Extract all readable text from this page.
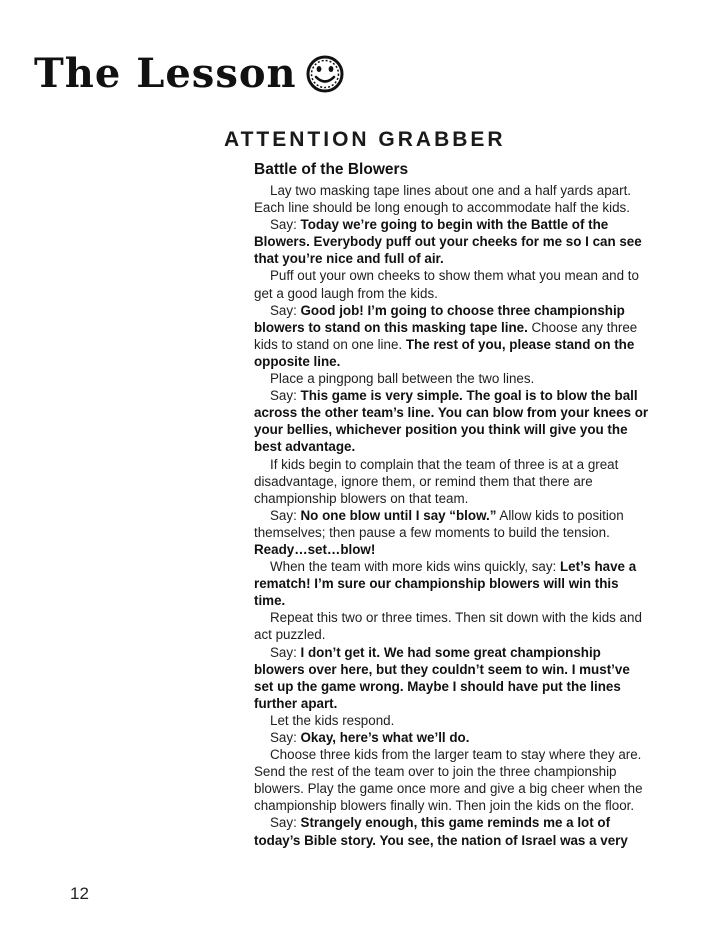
The Lesson
ATTENTION GRABBER
Battle of the Blowers

Lay two masking tape lines about one and a half yards apart. Each line should be long enough to accommodate half the kids.

Say: Today we’re going to begin with the Battle of the Blowers. Everybody puff out your cheeks for me so I can see that you’re nice and full of air.

Puff out your own cheeks to show them what you mean and to get a good laugh from the kids.

Say: Good job! I’m going to choose three championship blowers to stand on this masking tape line. Choose any three kids to stand on one line. The rest of you, please stand on the opposite line.

Place a pingpong ball between the two lines.

Say: This game is very simple. The goal is to blow the ball across the other team’s line. You can blow from your knees or your bellies, whichever position you think will give you the best advantage.

If kids begin to complain that the team of three is at a great disadvantage, ignore them, or remind them that there are championship blowers on that team.

Say: No one blow until I say “blow.” Allow kids to position themselves; then pause a few moments to build the tension. Ready…set…blow!

When the team with more kids wins quickly, say: Let’s have a rematch! I’m sure our championship blowers will win this time.

Repeat this two or three times. Then sit down with the kids and act puzzled.

Say: I don’t get it. We had some great championship blowers over here, but they couldn’t seem to win. I must’ve set up the game wrong. Maybe I should have put the lines further apart.

Let the kids respond.

Say: Okay, here’s what we’ll do.

Choose three kids from the larger team to stay where they are. Send the rest of the team over to join the three championship blowers. Play the game once more and give a big cheer when the championship blowers finally win. Then join the kids on the floor.

Say: Strangely enough, this game reminds me a lot of today’s Bible story. You see, the nation of Israel was a very

12
